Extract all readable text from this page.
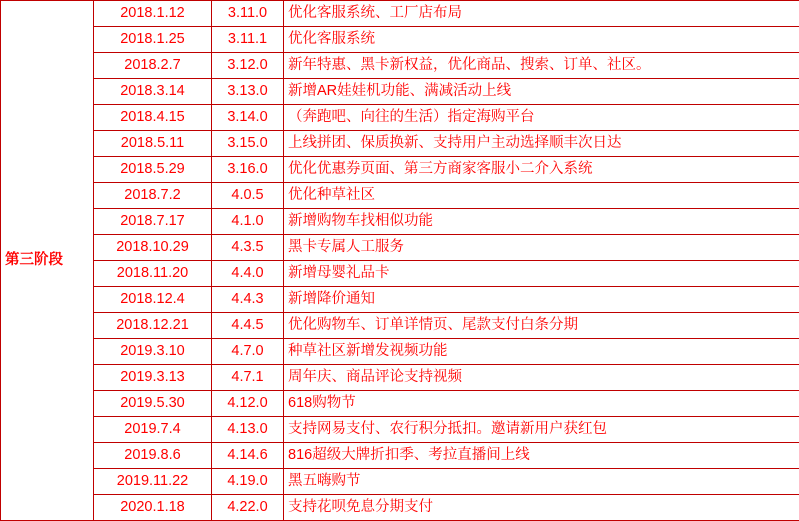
第三阶段	2018.1.12	3.11.0	优化客服系统、工厂店布局
	2018.1.25	3.11.1	优化客服系统
	2018.2.7	3.12.0	新年特惠、黑卡新权益，优化商品、搜索、订单、社区。
	2018.3.14	3.13.0	新增AR娃娃机功能、满减活动上线
	2018.4.15	3.14.0	（奔跑吧、向往的生活）指定海购平台
	2018.5.11	3.15.0	上线拼团、保质换新、支持用户主动选择顺丰次日达
	2018.5.29	3.16.0	优化优惠券页面、第三方商家客服小二介入系统
	2018.7.2	4.0.5	优化种草社区
	2018.7.17	4.1.0	新增购物车找相似功能
	2018.10.29	4.3.5	黑卡专属人工服务
	2018.11.20	4.4.0	新增母婴礼品卡
	2018.12.4	4.4.3	新增降价通知
	2018.12.21	4.4.5	优化购物车、订单详情页、尾款支付白条分期
	2019.3.10	4.7.0	种草社区新增发视频功能
	2019.3.13	4.7.1	周年庆、商品评论支持视频
	2019.5.30	4.12.0	618购物节
	2019.7.4	4.13.0	支持网易支付、农行积分抵扣。邀请新用户获红包
	2019.8.6	4.14.6	816超级大牌折扣季、考拉直播间上线
	2019.11.22	4.19.0	黑五嗨购节
	2020.1.18	4.22.0	支持花呗免息分期支付
